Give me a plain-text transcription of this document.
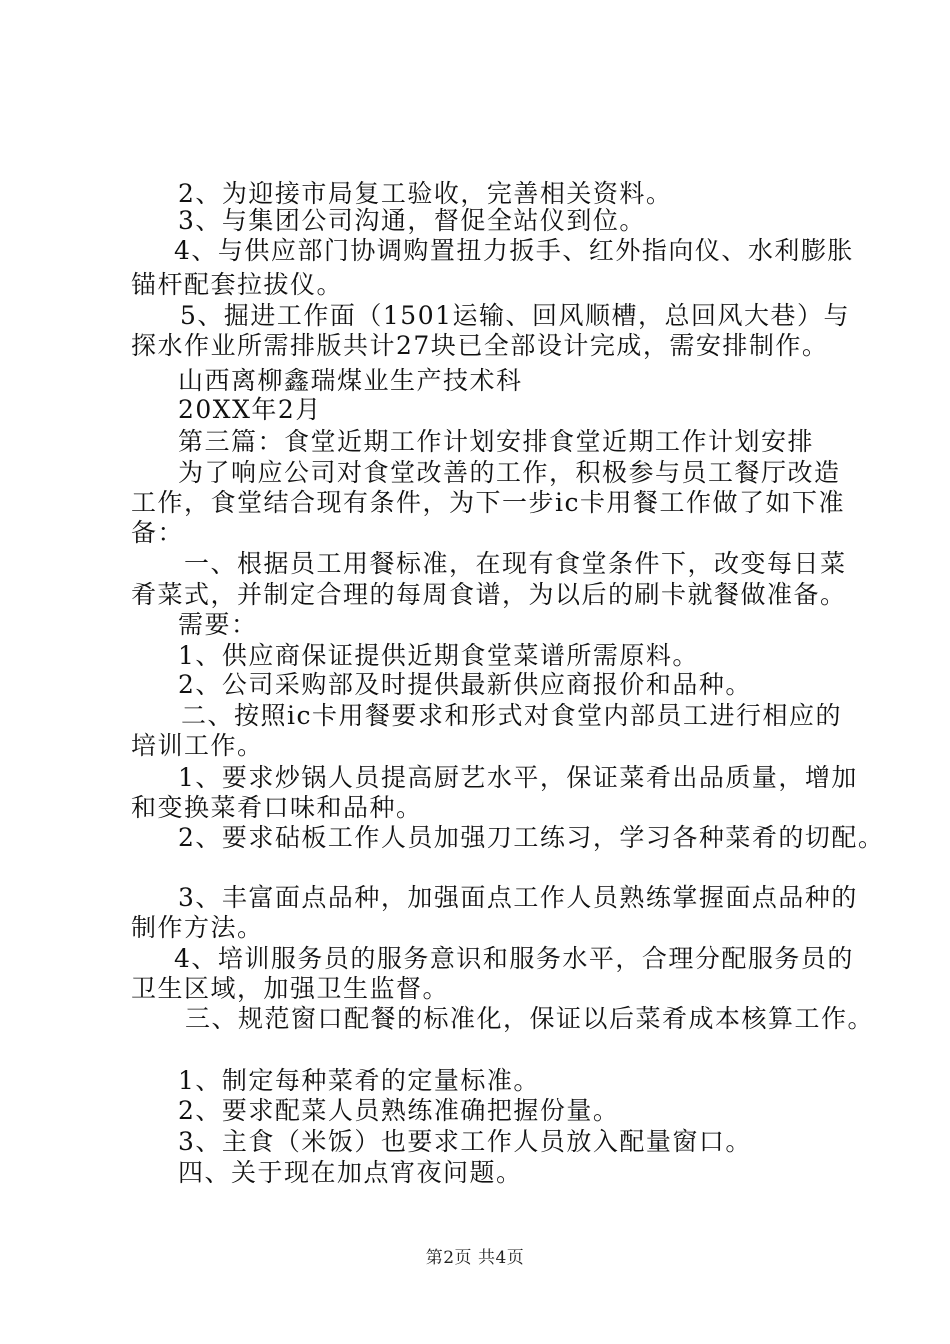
2、为迎接市局复工验收，完善相关资料。
3、与集团公司沟通，督促全站仪到位。
4、与供应部门协调购置扭力扳手、红外指向仪、水利膨胀
锚杆配套拉拔仪。
5、掘进工作面（1501运输、回风顺槽，总回风大巷）与
探水作业所需排版共计27块已全部设计完成，需安排制作。
山西离柳鑫瑞煤业生产技术科
20XX年2月
第三篇：食堂近期工作计划安排食堂近期工作计划安排
为了响应公司对食堂改善的工作，积极参与员工餐厅改造
工作，食堂结合现有条件，为下一步ic卡用餐工作做了如下准
备：
一、根据员工用餐标准，在现有食堂条件下，改变每日菜
肴菜式，并制定合理的每周食谱，为以后的刷卡就餐做准备。
需要：
1、供应商保证提供近期食堂菜谱所需原料。
2、公司采购部及时提供最新供应商报价和品种。
二、按照ic卡用餐要求和形式对食堂内部员工进行相应的
培训工作。
1、要求炒锅人员提高厨艺水平，保证菜肴出品质量，增加
和变换菜肴口味和品种。
2、要求砧板工作人员加强刀工练习，学习各种菜肴的切配。
3、丰富面点品种，加强面点工作人员熟练掌握面点品种的
制作方法。
4、培训服务员的服务意识和服务水平，合理分配服务员的
卫生区域，加强卫生监督。
三、规范窗口配餐的标准化，保证以后菜肴成本核算工作。
1、制定每种菜肴的定量标准。
2、要求配菜人员熟练准确把握份量。
3、主食（米饭）也要求工作人员放入配量窗口。
四、关于现在加点宵夜问题。
第2页 共4页
